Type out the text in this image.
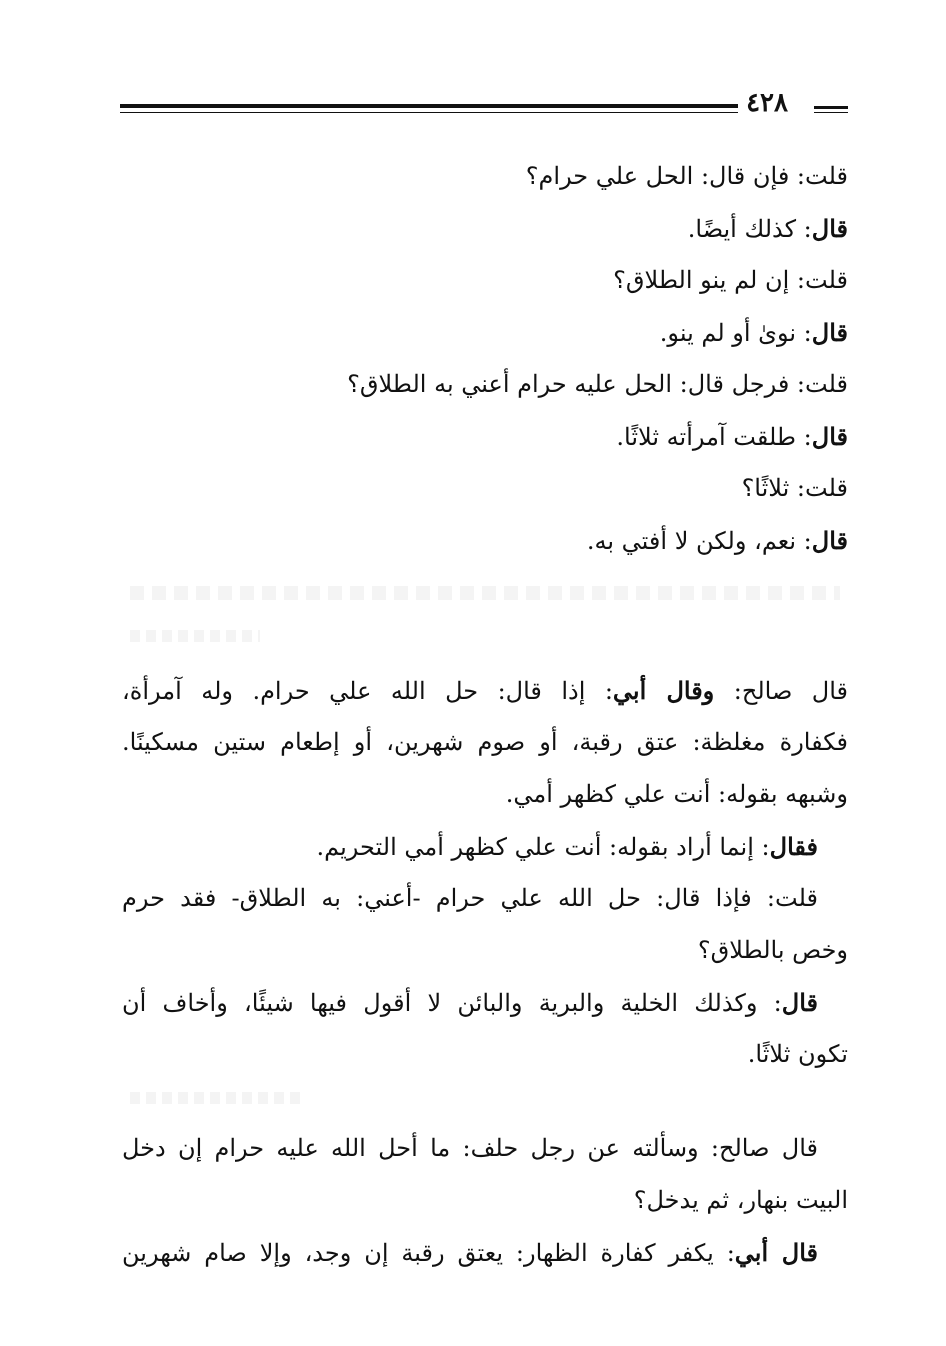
٤٢٨
قلت: فإن قال: الحل علي حرام؟
قال: كذلك أيضًا.
قلت: إن لم ينو الطلاق؟
قال: نوىٰ أو لم ينو.
قلت: فرجل قال: الحل عليه حرام أعني به الطلاق؟
قال: طلقت آمرأته ثلاثًا.
قلت: ثلاثًا؟
قال: نعم، ولكن لا أفتي به.
قال صالح: وقال أبي: إذا قال: حل الله علي حرام. وله آمرأة،
فكفارة مغلظة: عتق رقبة، أو صوم شهرين، أو إطعام ستين مسكينًا.
وشبهه بقوله: أنت علي كظهر أمي.
فقال: إنما أراد بقوله: أنت علي كظهر أمي التحريم.
قلت: فإذا قال: حل الله علي حرام -أعني: به الطلاق- فقد حرم
وخص بالطلاق؟
قال: وكذلك الخلية والبرية والبائن لا أقول فيها شيئًا، وأخاف أن
تكون ثلاثًا.
قال صالح: وسألته عن رجل حلف: ما أحل الله عليه حرام إن دخل
البيت بنهار، ثم يدخل؟
قال أبي: يكفر كفارة الظهار: يعتق رقبة إن وجد، وإلا صام شهرين
